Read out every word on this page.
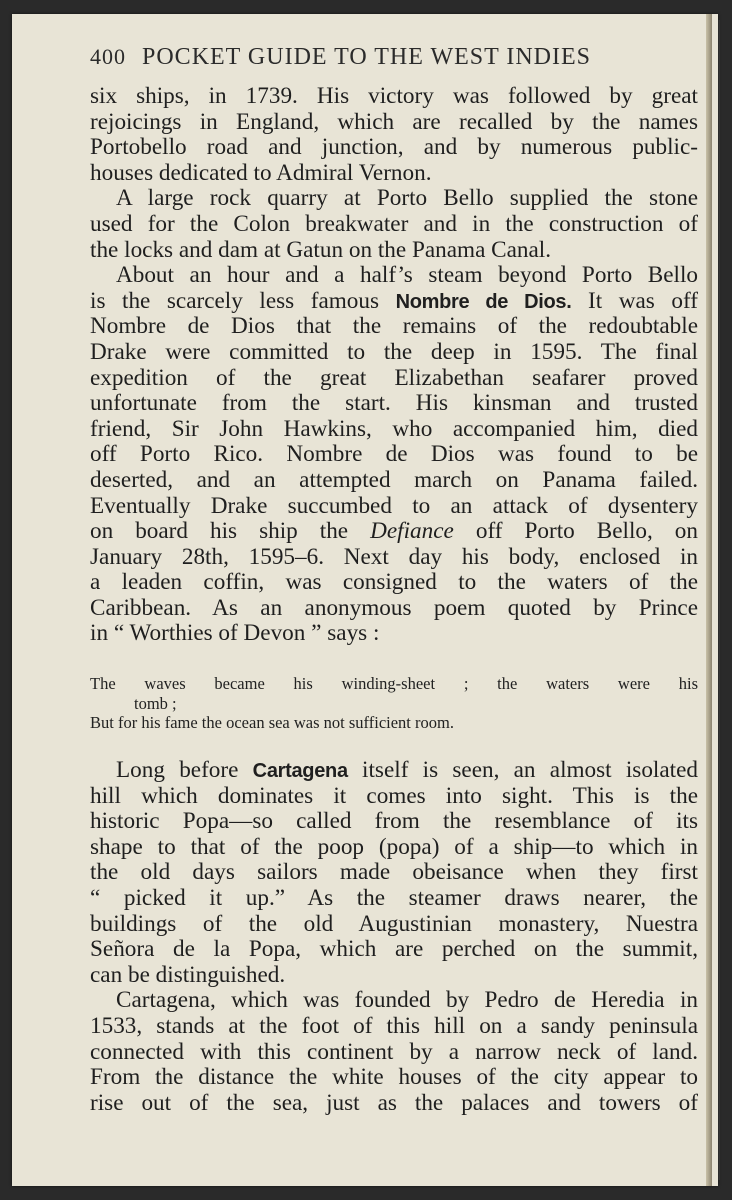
400 POCKET GUIDE TO THE WEST INDIES
six ships, in 1739. His victory was followed by great
rejoicings in England, which are recalled by the names
Portobello road and junction, and by numerous public-
houses dedicated to Admiral Vernon.
A large rock quarry at Porto Bello supplied the stone
used for the Colon breakwater and in the construction of
the locks and dam at Gatun on the Panama Canal.
About an hour and a half’s steam beyond Porto Bello
is the scarcely less famous Nombre de Dios. It was off
Nombre de Dios that the remains of the redoubtable
Drake were committed to the deep in 1595. The final
expedition of the great Elizabethan seafarer proved
unfortunate from the start. His kinsman and trusted
friend, Sir John Hawkins, who accompanied him, died
off Porto Rico. Nombre de Dios was found to be
deserted, and an attempted march on Panama failed.
Eventually Drake succumbed to an attack of dysentery
on board his ship the Defiance off Porto Bello, on
January 28th, 1595–6. Next day his body, enclosed in
a leaden coffin, was consigned to the waters of the
Caribbean. As an anonymous poem quoted by Prince
in “ Worthies of Devon ” says :
The waves became his winding-sheet ; the waters were his
tomb ;
But for his fame the ocean sea was not sufficient room.
Long before Cartagena itself is seen, an almost isolated
hill which dominates it comes into sight. This is the
historic Popa—so called from the resemblance of its
shape to that of the poop (popa) of a ship—to which in
the old days sailors made obeisance when they first
“ picked it up.” As the steamer draws nearer, the
buildings of the old Augustinian monastery, Nuestra
Señora de la Popa, which are perched on the summit,
can be distinguished.
Cartagena, which was founded by Pedro de Heredia in
1533, stands at the foot of this hill on a sandy peninsula
connected with this continent by a narrow neck of land.
From the distance the white houses of the city appear to
rise out of the sea, just as the palaces and towers of
